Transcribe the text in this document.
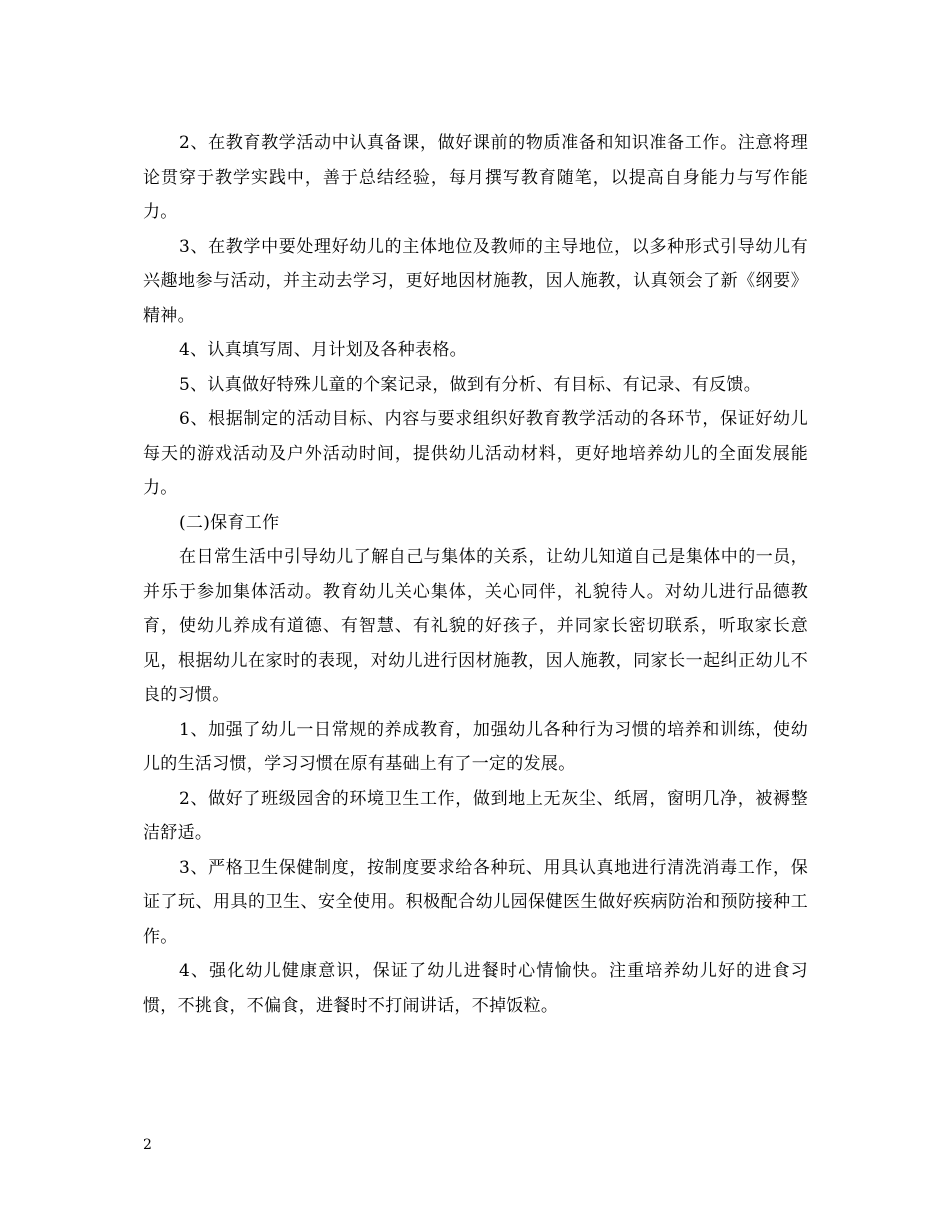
2、在教育教学活动中认真备课，做好课前的物质准备和知识准备工作。注意将理论贯穿于教学实践中，善于总结经验，每月撰写教育随笔，以提高自身能力与写作能力。

3、在教学中要处理好幼儿的主体地位及教师的主导地位，以多种形式引导幼儿有兴趣地参与活动，并主动去学习，更好地因材施教，因人施教，认真领会了新《纲要》精神。

4、认真填写周、月计划及各种表格。

5、认真做好特殊儿童的个案记录，做到有分析、有目标、有记录、有反馈。

6、根据制定的活动目标、内容与要求组织好教育教学活动的各环节，保证好幼儿每天的游戏活动及户外活动时间，提供幼儿活动材料，更好地培养幼儿的全面发展能力。

(二)保育工作

在日常生活中引导幼儿了解自己与集体的关系，让幼儿知道自己是集体中的一员，并乐于参加集体活动。教育幼儿关心集体，关心同伴，礼貌待人。对幼儿进行品德教育，使幼儿养成有道德、有智慧、有礼貌的好孩子，并同家长密切联系，听取家长意见，根据幼儿在家时的表现，对幼儿进行因材施教，因人施教，同家长一起纠正幼儿不良的习惯。

1、加强了幼儿一日常规的养成教育，加强幼儿各种行为习惯的培养和训练，使幼儿的生活习惯，学习习惯在原有基础上有了一定的发展。

2、做好了班级园舍的环境卫生工作，做到地上无灰尘、纸屑，窗明几净，被褥整洁舒适。

3、严格卫生保健制度，按制度要求给各种玩、用具认真地进行清洗消毒工作，保证了玩、用具的卫生、安全使用。积极配合幼儿园保健医生做好疾病防治和预防接种工作。

4、强化幼儿健康意识，保证了幼儿进餐时心情愉快。注重培养幼儿好的进食习惯，不挑食，不偏食，进餐时不打闹讲话，不掉饭粒。

2
